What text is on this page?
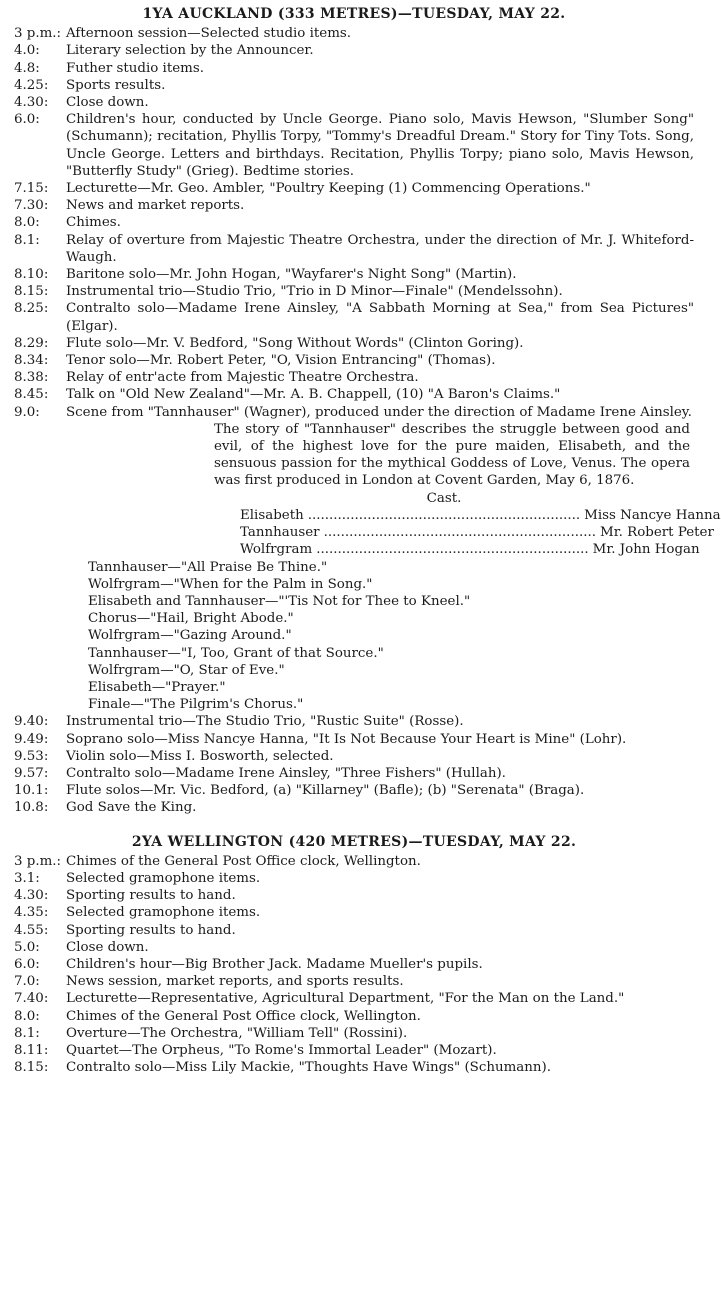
1YA AUCKLAND (333 METRES)—TUESDAY, MAY 22.
3 p.m.: Afternoon session—Selected studio items.
4.0: Literary selection by the Announcer.
4.8: Futher studio items.
4.25: Sports results.
4.30: Close down.
6.0: Children's hour, conducted by Uncle George. Piano solo, Mavis Hewson, "Slumber Song" (Schumann); recitation, Phyllis Torpy, "Tommy's Dreadful Dream." Story for Tiny Tots. Song, Uncle George. Letters and birthdays. Recitation, Phyllis Torpy; piano solo, Mavis Hewson, "Butterfly Study" (Grieg). Bedtime stories.
7.15: Lecturette—Mr. Geo. Ambler, "Poultry Keeping (1) Commencing Operations."
7.30: News and market reports.
8.0: Chimes.
8.1: Relay of overture from Majestic Theatre Orchestra, under the direction of Mr. J. Whiteford-Waugh.
8.10: Baritone solo—Mr. John Hogan, "Wayfarer's Night Song" (Martin).
8.15: Instrumental trio—Studio Trio, "Trio in D Minor—Finale" (Mendelssohn).
8.25: Contralto solo—Madame Irene Ainsley, "A Sabbath Morning at Sea," from Sea Pictures" (Elgar).
8.29: Flute solo—Mr. V. Bedford, "Song Without Words" (Clinton Goring).
8.34: Tenor solo—Mr. Robert Peter, "O, Vision Entrancing" (Thomas).
8.38: Relay of entr'acte from Majestic Theatre Orchestra.
8.45: Talk on "Old New Zealand"—Mr. A. B. Chappell, (10) "A Baron's Claims."
9.0: Scene from "Tannhauser" (Wagner), produced under the direction of Madame Irene Ainsley.
The story of "Tannhauser" describes the struggle between good and evil, of the highest love for the pure maiden, Elisabeth, and the sensuous passion for the mythical Goddess of Love, Venus. The opera was first produced in London at Covent Garden, May 6, 1876.
Cast.
Elisabeth ................................................................ Miss Nancye Hanna
Tannhauser ................................................................ Mr. Robert Peter
Wolfrgram ................................................................ Mr. John Hogan
Tannhauser—"All Praise Be Thine."
Wolfrgram—"When for the Palm in Song."
Elisabeth and Tannhauser—"'Tis Not for Thee to Kneel."
Chorus—"Hail, Bright Abode."
Wolfrgram—"Gazing Around."
Tannhauser—"I, Too, Grant of that Source."
Wolfrgram—"O, Star of Eve."
Elisabeth—"Prayer."
Finale—"The Pilgrim's Chorus."
9.40: Instrumental trio—The Studio Trio, "Rustic Suite" (Rosse).
9.49: Soprano solo—Miss Nancye Hanna, "It Is Not Because Your Heart is Mine" (Lohr).
9.53: Violin solo—Miss I. Bosworth, selected.
9.57: Contralto solo—Madame Irene Ainsley, "Three Fishers" (Hullah).
10.1: Flute solos—Mr. Vic. Bedford, (a) "Killarney" (Bafle); (b) "Serenata" (Braga).
10.8: God Save the King.
2YA WELLINGTON (420 METRES)—TUESDAY, MAY 22.
3 p.m.: Chimes of the General Post Office clock, Wellington.
3.1: Selected gramophone items.
4.30: Sporting results to hand.
4.35: Selected gramophone items.
4.55: Sporting results to hand.
5.0: Close down.
6.0: Children's hour—Big Brother Jack. Madame Mueller's pupils.
7.0: News session, market reports, and sports results.
7.40: Lecturette—Representative, Agricultural Department, "For the Man on the Land."
8.0: Chimes of the General Post Office clock, Wellington.
8.1: Overture—The Orchestra, "William Tell" (Rossini).
8.11: Quartet—The Orpheus, "To Rome's Immortal Leader" (Mozart).
8.15: Contralto solo—Miss Lily Mackie, "Thoughts Have Wings" (Schumann).
